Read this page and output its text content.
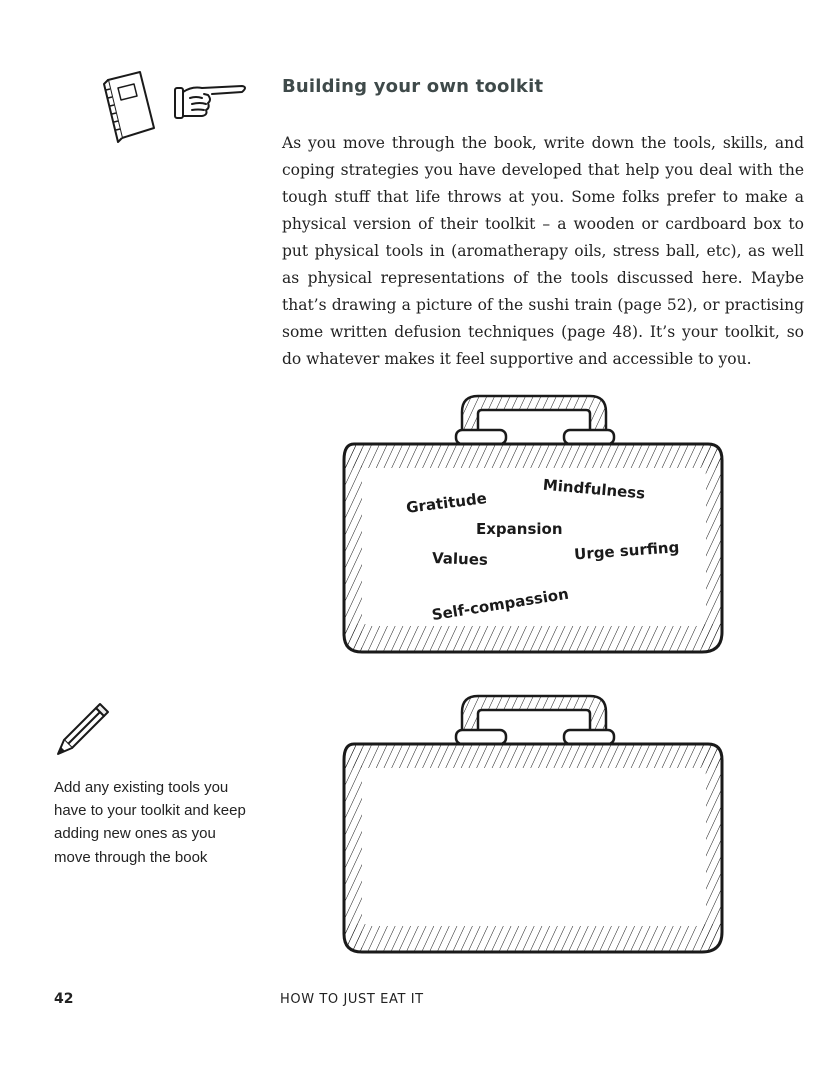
Building your own toolkit

As you move through the book, write down the tools, skills, and coping strategies you have developed that help you deal with the tough stuff that life throws at you. Some folks prefer to make a physical version of their toolkit – a wooden or cardboard box to put physical tools in (aromatherapy oils, stress ball, etc), as well as physical representations of the tools discussed here. Maybe that’s drawing a picture of the sushi train (page 52), or practising some written defusion techniques (page 48). It’s your toolkit, so do whatever makes it feel supportive and accessible to you.

Gratitude	Mindfulness
Expansion
Values	Urge surfing
Self-compassion

Add any existing tools you have to your toolkit and keep adding new ones as you move through the book

42	HOW TO JUST EAT IT
